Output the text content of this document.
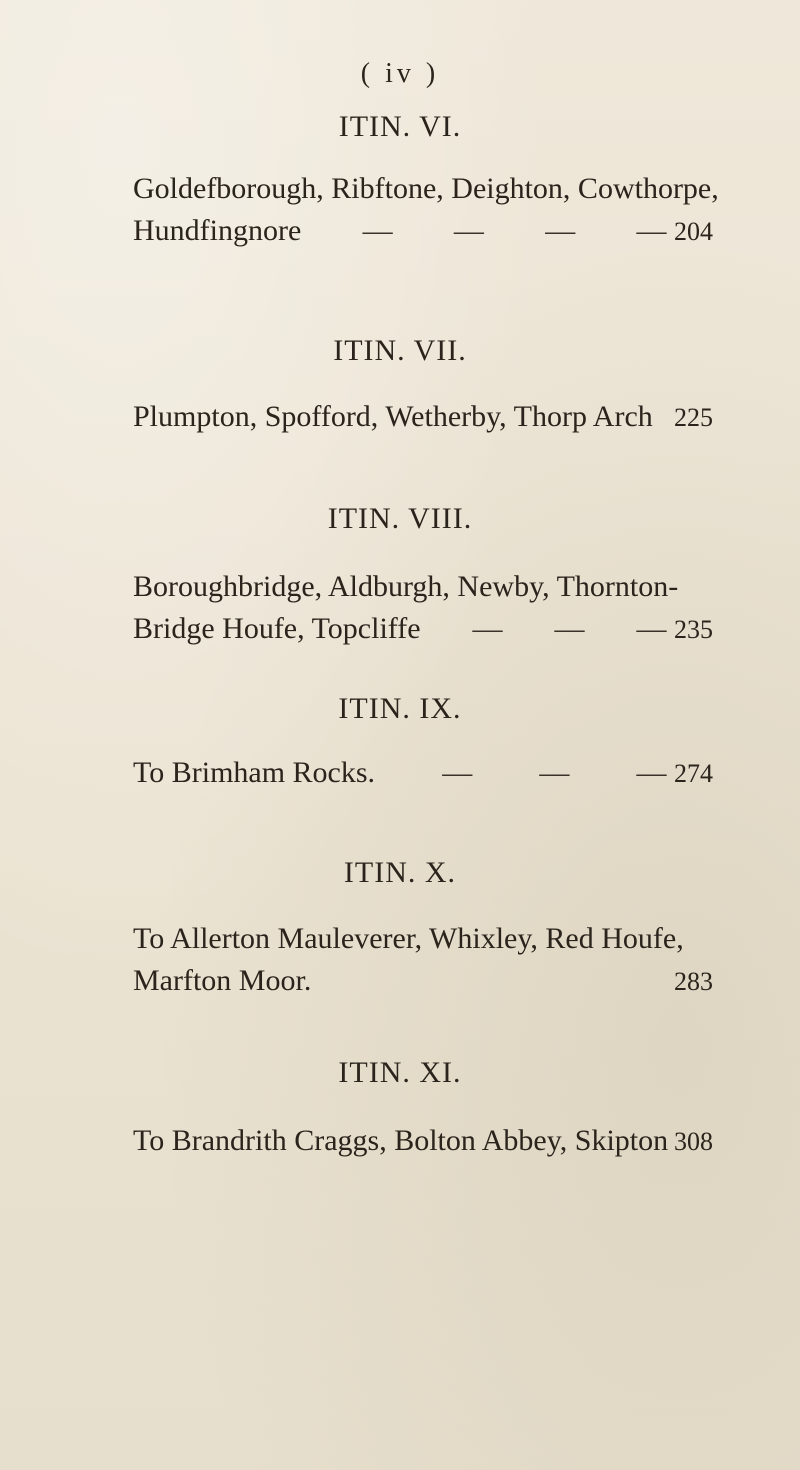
( iv )
ITIN. VI.
Goldefborough, Ribftone, Deighton, Cowthorpe,
Hundfingnore — — — — 204
ITIN. VII.
Plumpton, Spofford, Wetherby, Thorp Arch 225
ITIN. VIII.
Boroughbridge, Aldburgh, Newby, Thornton-
Bridge Houfe, Topcliffe — — — 235
ITIN. IX.
To Brimham Rocks. — — — 274
ITIN. X.
To Allerton Mauleverer, Whixley, Red Houfe,
Marfton Moor.	283
ITIN. XI.
To Brandrith Craggs, Bolton Abbey, Skipton 308
